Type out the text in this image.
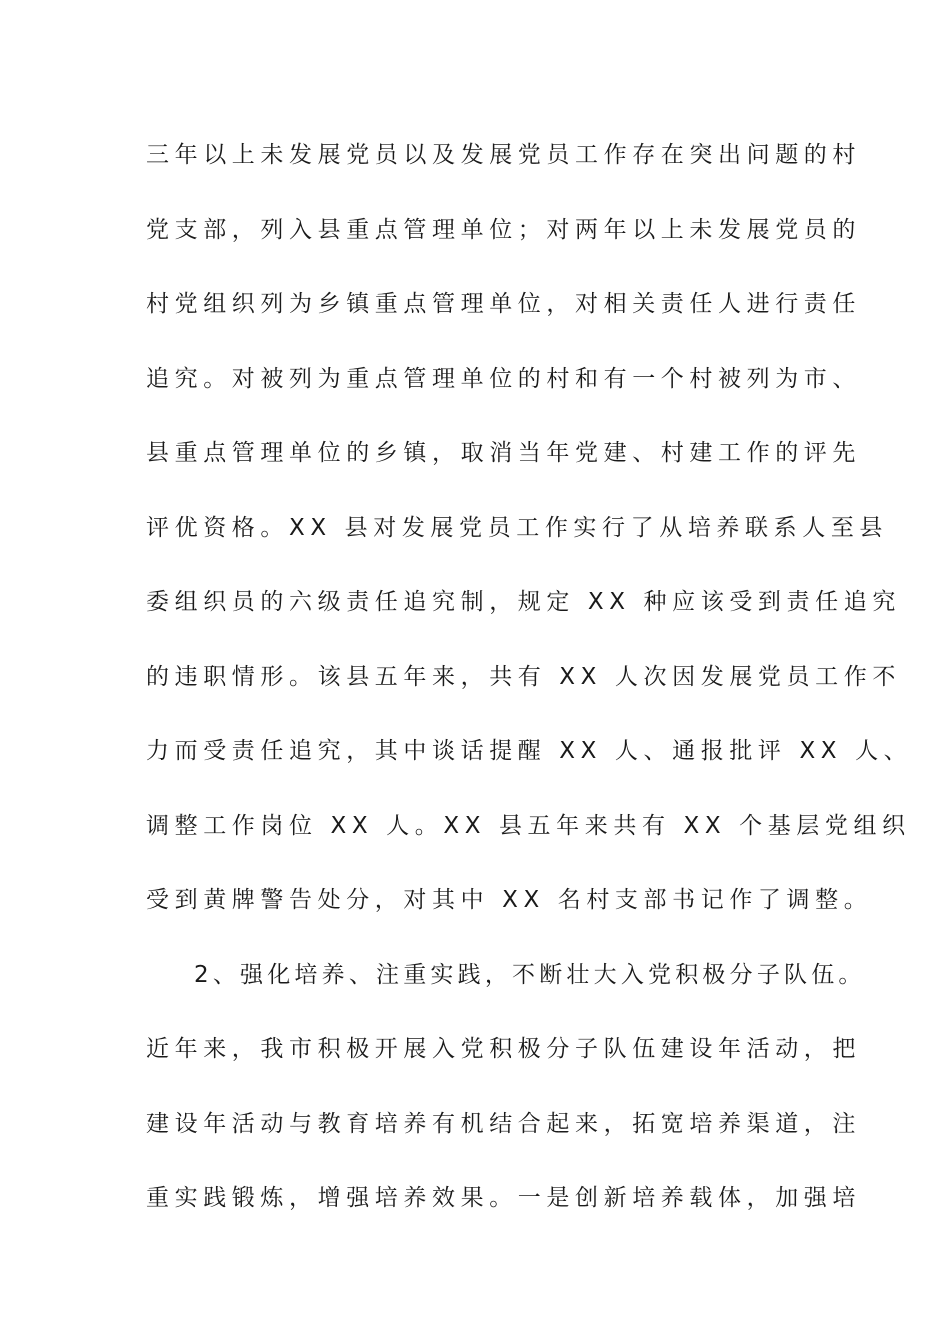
三年以上未发展党员以及发展党员工作存在突出问题的村
党支部，列入县重点管理单位；对两年以上未发展党员的
村党组织列为乡镇重点管理单位，对相关责任人进行责任
追究。对被列为重点管理单位的村和有一个村被列为市、
县重点管理单位的乡镇，取消当年党建、村建工作的评先
评优资格。XX 县对发展党员工作实行了从培养联系人至县
委组织员的六级责任追究制，规定 XX 种应该受到责任追究
的违职情形。该县五年来，共有 XX 人次因发展党员工作不
力而受责任追究，其中谈话提醒 XX 人、通报批评 XX 人、
调整工作岗位 XX 人。XX 县五年来共有 XX 个基层党组织
受到黄牌警告处分，对其中 XX 名村支部书记作了调整。
2、强化培养、注重实践，不断壮大入党积极分子队伍。
近年来，我市积极开展入党积极分子队伍建设年活动，把
建设年活动与教育培养有机结合起来，拓宽培养渠道，注
重实践锻炼，增强培养效果。一是创新培养载体，加强培
